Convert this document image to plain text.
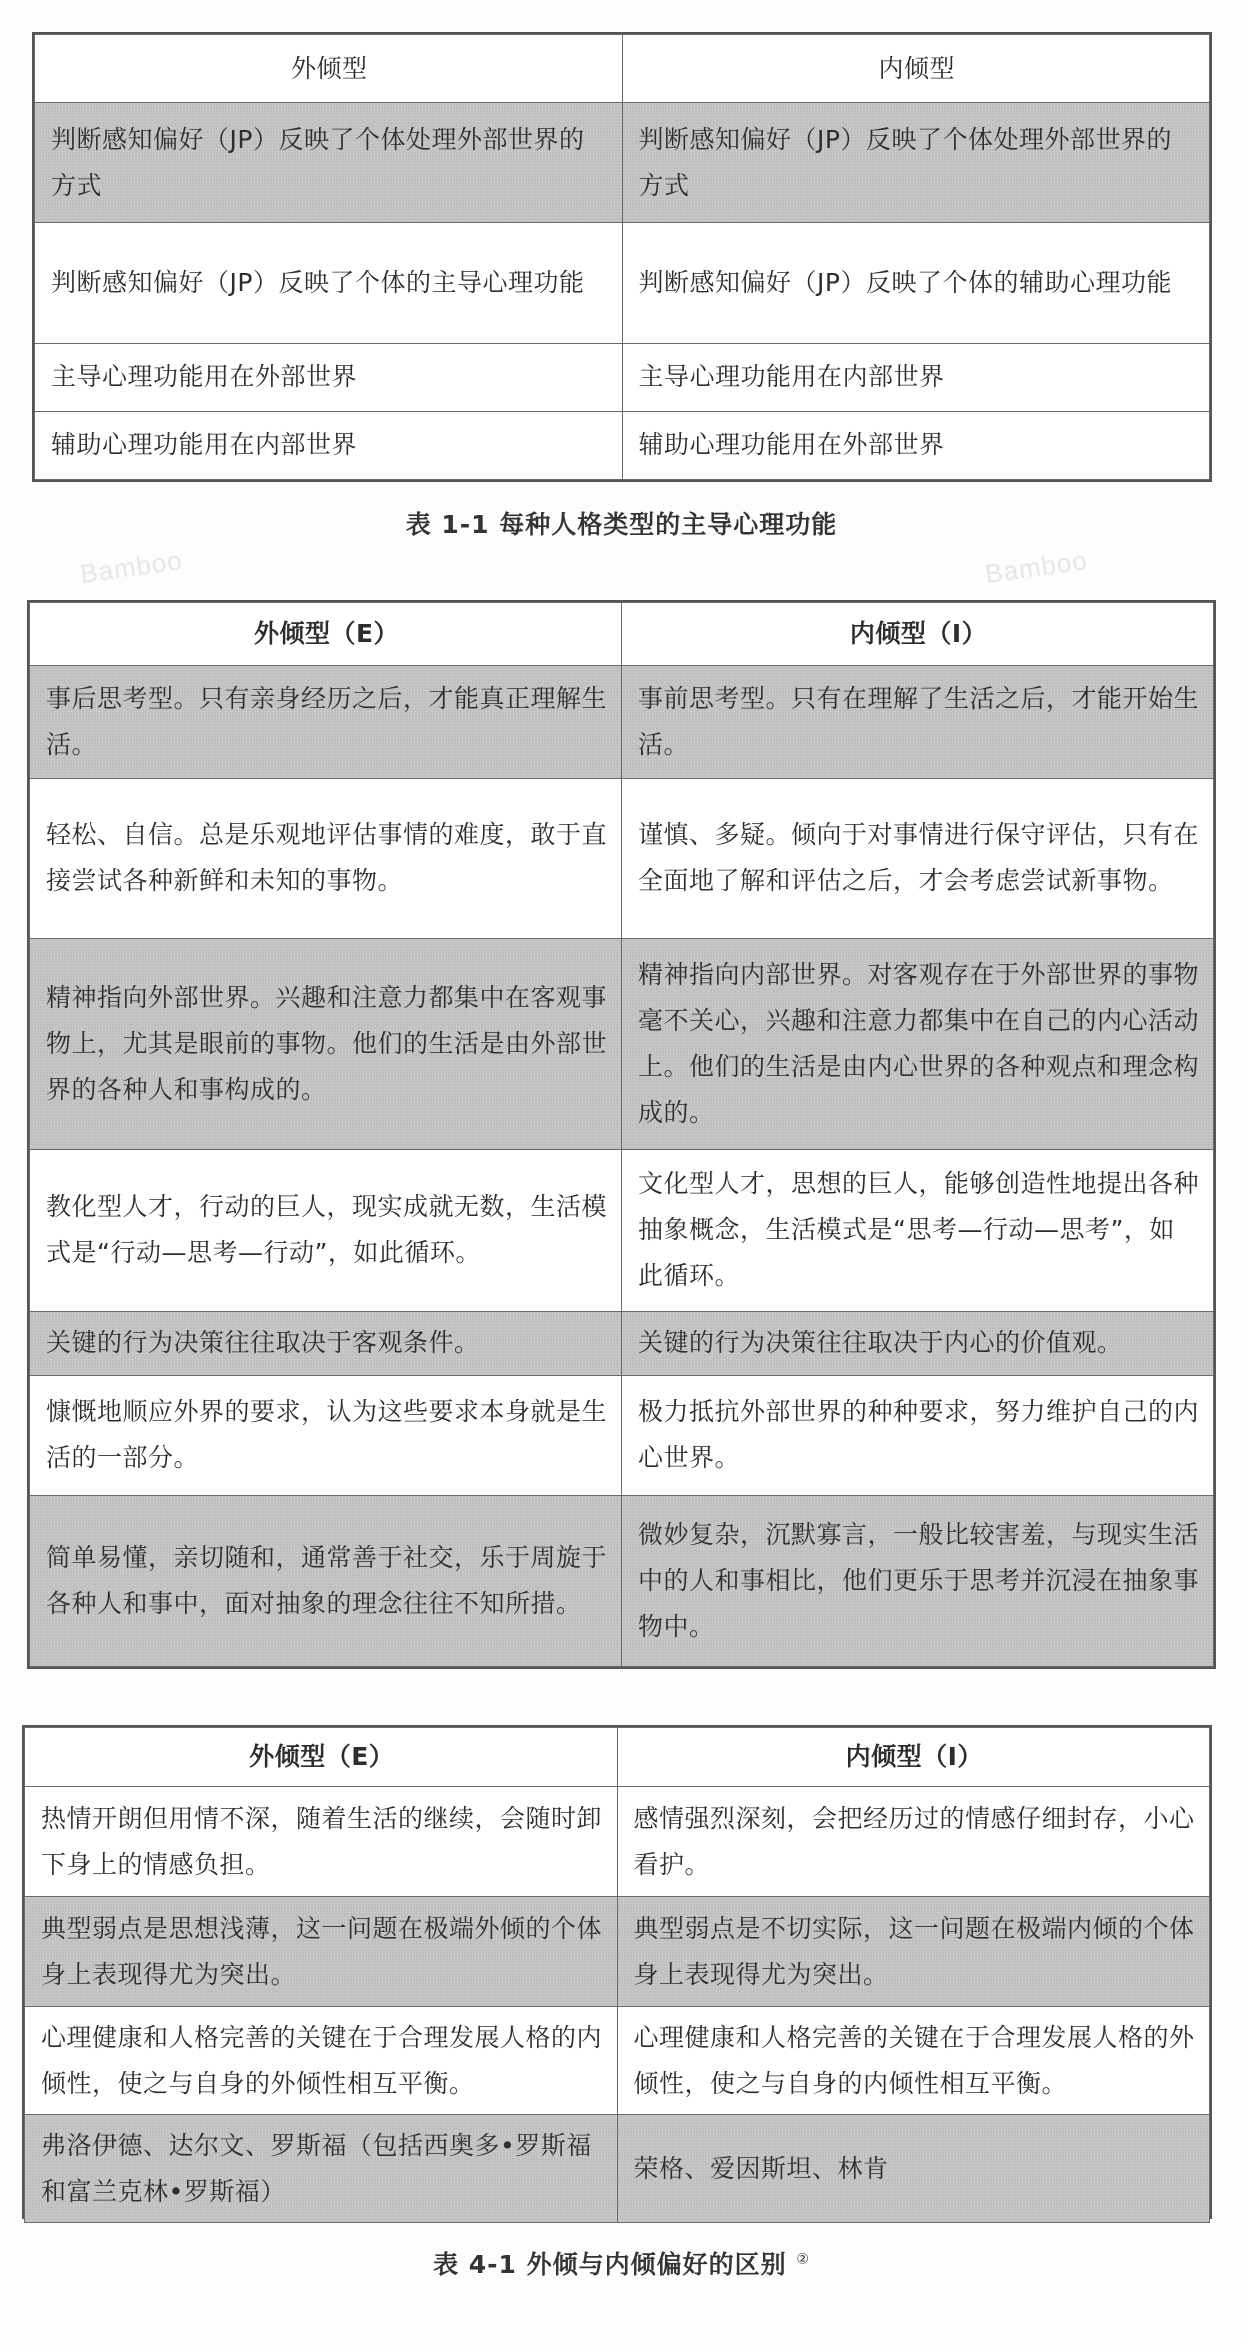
外倾型	内倾型
判断感知偏好（JP）反映了个体处理外部世界的方式	判断感知偏好（JP）反映了个体处理外部世界的方式
判断感知偏好（JP）反映了个体的主导心理功能	判断感知偏好（JP）反映了个体的辅助心理功能
主导心理功能用在外部世界	主导心理功能用在内部世界
辅助心理功能用在内部世界	辅助心理功能用在外部世界
表 1-1 每种人格类型的主导心理功能
Bamboo	Bamboo
外倾型（E）	内倾型（I）
事后思考型。只有亲身经历之后，才能真正理解生活。	事前思考型。只有在理解了生活之后，才能开始生活。
轻松、自信。总是乐观地评估事情的难度，敢于直接尝试各种新鲜和未知的事物。	谨慎、多疑。倾向于对事情进行保守评估，只有在全面地了解和评估之后，才会考虑尝试新事物。
精神指向外部世界。兴趣和注意力都集中在客观事物上，尤其是眼前的事物。他们的生活是由外部世界的各种人和事构成的。	精神指向内部世界。对客观存在于外部世界的事物毫不关心，兴趣和注意力都集中在自己的内心活动上。他们的生活是由内心世界的各种观点和理念构成的。
教化型人才，行动的巨人，现实成就无数，生活模式是“行动—思考—行动”，如此循环。	文化型人才，思想的巨人，能够创造性地提出各种抽象概念，生活模式是“思考—行动—思考”，如此循环。
关键的行为决策往往取决于客观条件。	关键的行为决策往往取决于内心的价值观。
慷慨地顺应外界的要求，认为这些要求本身就是生活的一部分。	极力抵抗外部世界的种种要求，努力维护自己的内心世界。
简单易懂，亲切随和，通常善于社交，乐于周旋于各种人和事中，面对抽象的理念往往不知所措。	微妙复杂，沉默寡言，一般比较害羞，与现实生活中的人和事相比，他们更乐于思考并沉浸在抽象事物中。
外倾型（E）	内倾型（I）
热情开朗但用情不深，随着生活的继续，会随时卸下身上的情感负担。	感情强烈深刻，会把经历过的情感仔细封存，小心看护。
典型弱点是思想浅薄，这一问题在极端外倾的个体身上表现得尤为突出。	典型弱点是不切实际，这一问题在极端内倾的个体身上表现得尤为突出。
心理健康和人格完善的关键在于合理发展人格的内倾性，使之与自身的外倾性相互平衡。	心理健康和人格完善的关键在于合理发展人格的外倾性，使之与自身的内倾性相互平衡。
弗洛伊德、达尔文、罗斯福（包括西奥多•罗斯福和富兰克林•罗斯福）	荣格、爱因斯坦、林肯
表 4-1 外倾与内倾偏好的区别 ②
